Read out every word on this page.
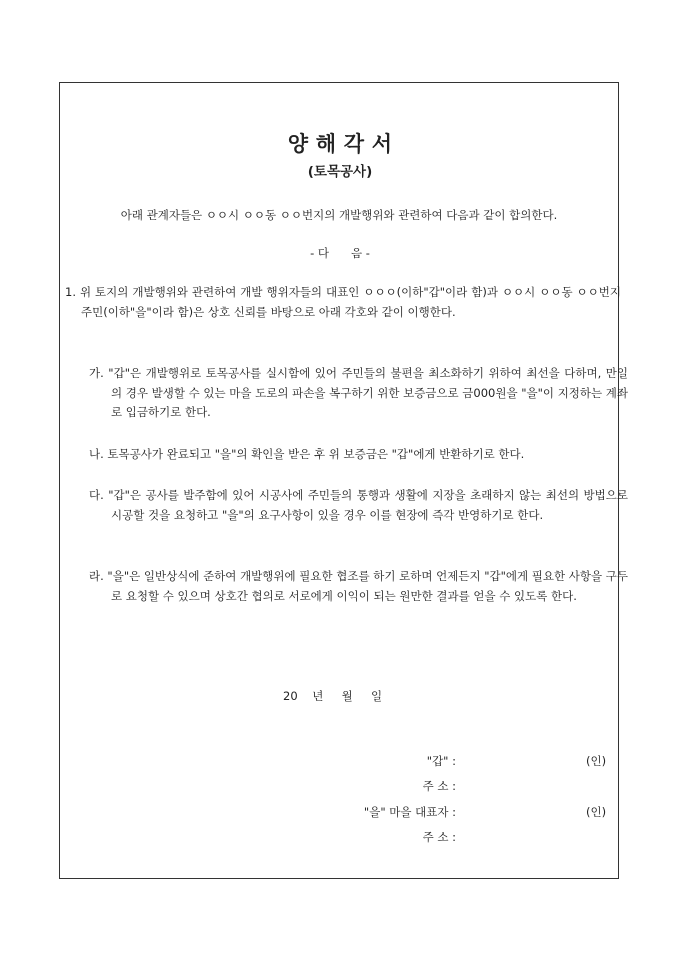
양 해 각 서
(토목공사)
아래 관계자들은 ㅇㅇ시 ㅇㅇ동 ㅇㅇ번지의 개발행위와 관련하여 다음과 같이 합의한다.
- 다      음 -
1. 위 토지의 개발행위와 관련하여 개발 행위자들의 대표인 ㅇㅇㅇ(이하"갑"이라 함)과 ㅇㅇ시 ㅇㅇ동 ㅇㅇ번지 주민(이하"을"이라 함)은 상호 신뢰를 바탕으로 아래 각호와 같이 이행한다.
가. "갑"은 개발행위로 토목공사를 실시함에 있어 주민들의 불편을 최소화하기 위하여 최선을 다하며, 만일의 경우 발생할 수 있는 마을 도로의 파손을 복구하기 위한 보증금으로 금000원을 "을"이 지정하는 계좌로 입금하기로 한다.
나. 토목공사가 완료되고 "을"의 확인을 받은 후 위 보증금은 "갑"에게 반환하기로 한다.
다. "갑"은 공사를 발주함에 있어 시공사에 주민들의 통행과 생활에 지장을 초래하지 않는 최선의 방법으로 시공할 것을 요청하고 "을"의 요구사항이 있을 경우 이를 현장에 즉각 반영하기로 한다.
라. "을"은 일반상식에 준하여 개발행위에 필요한 협조를 하기 로하며 언제든지 "갑"에게 필요한 사항을 구두로 요청할 수 있으며 상호간 협의로 서로에게 이익이 되는 원만한 결과를 얻을 수 있도록 한다.
20    년     월     일
"갑" :	(인)
주 소 :
"을" 마을 대표자 :	(인)
주 소 :
